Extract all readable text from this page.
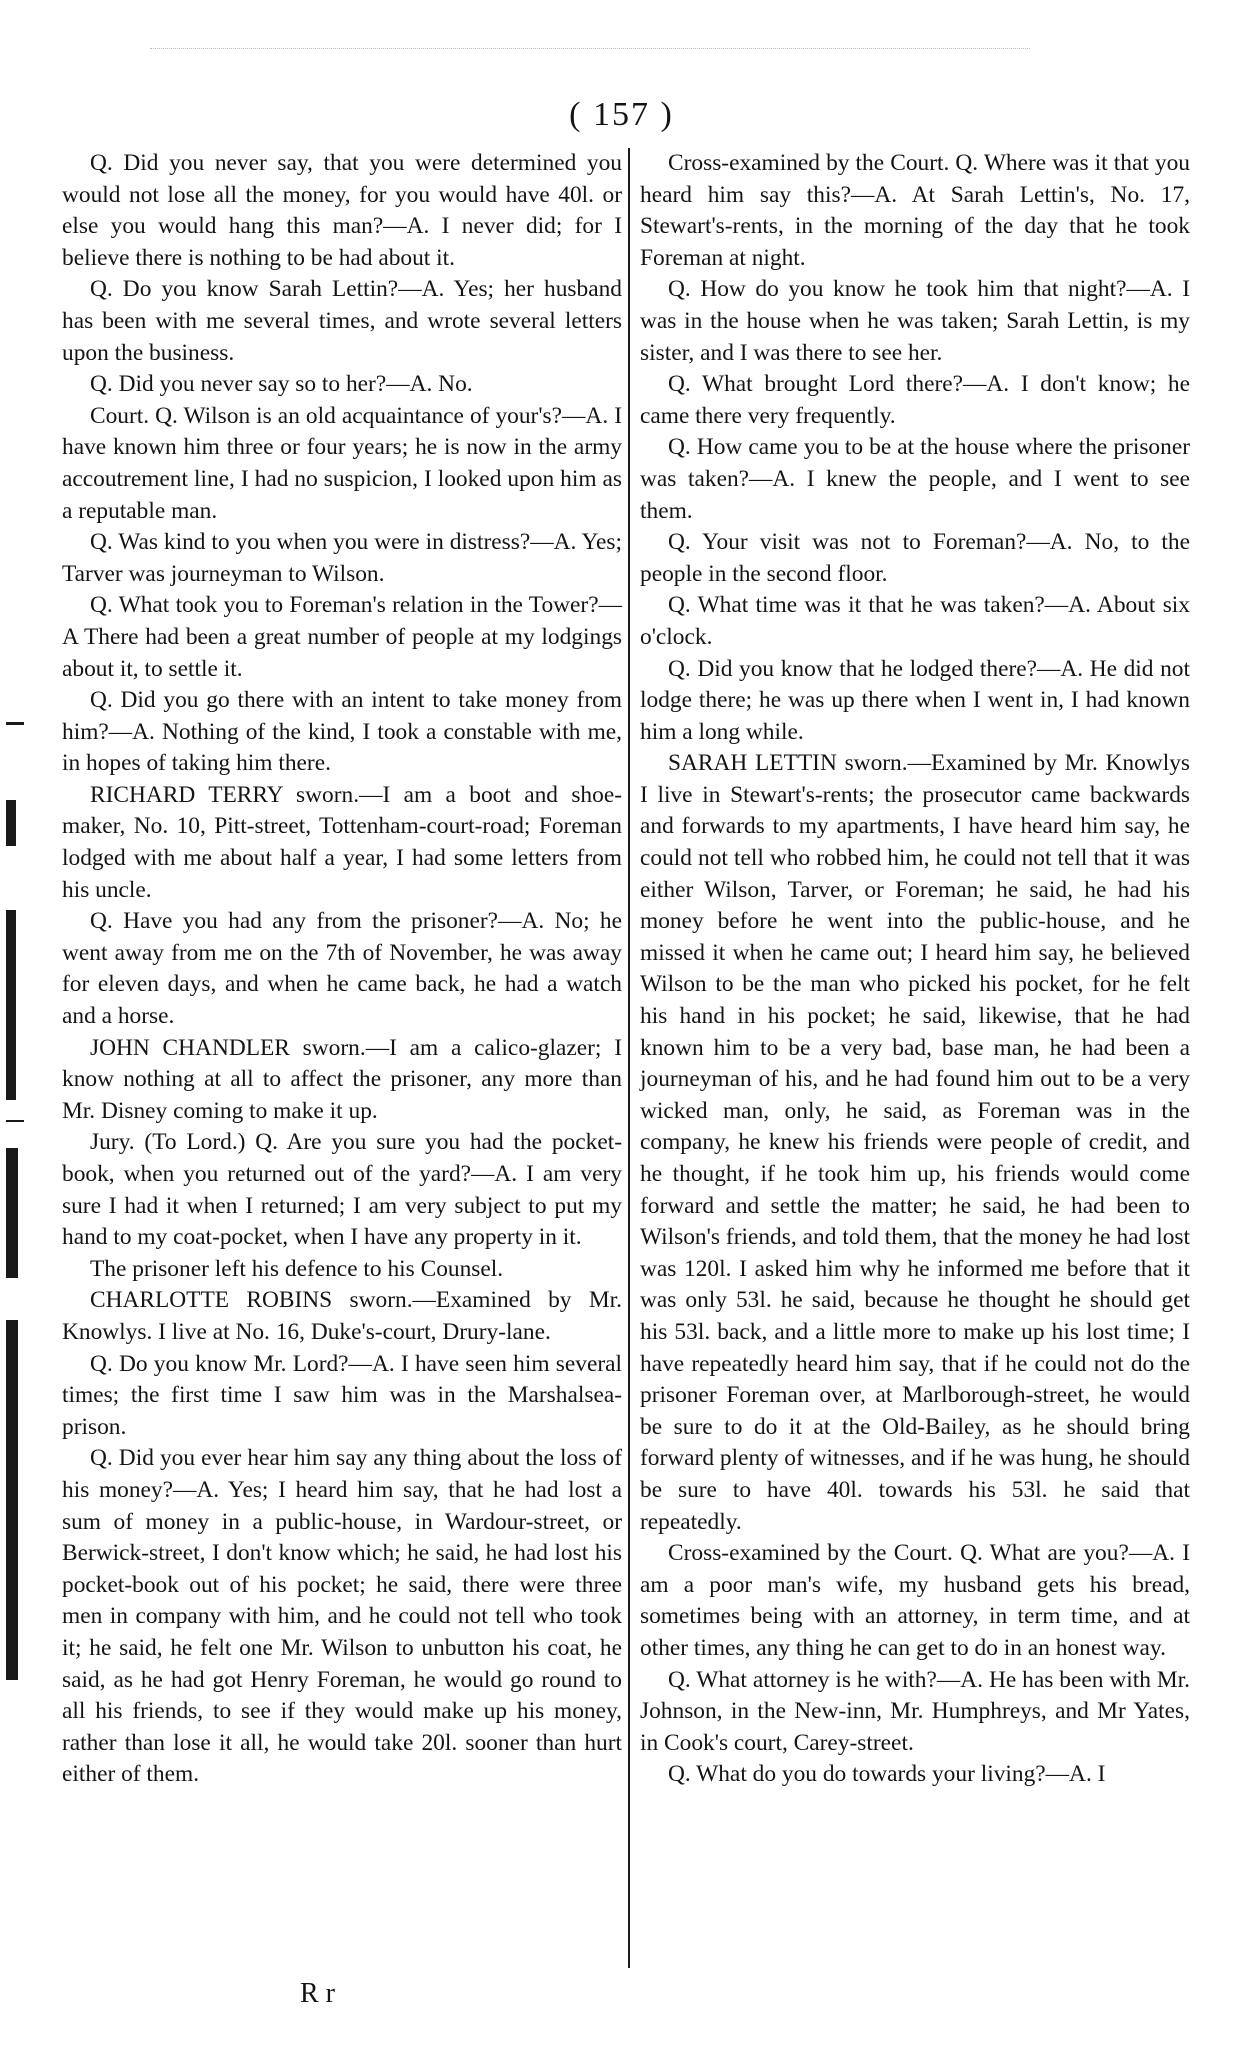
( 157 )

Q. Did you never say, that you were determined you would not lose all the money, for you would have 40l. or else you would hang this man?—A. I never did; for I believe there is nothing to be had about it.

Q. Do you know Sarah Lettin?—A. Yes; her husband has been with me several times, and wrote several letters upon the business.

Q. Did you never say so to her?—A. No.

Court. Q. Wilson is an old acquaintance of your's?—A. I have known him three or four years; he is now in the army accoutrement line, I had no suspicion, I looked upon him as a reputable man.

Q. Was kind to you when you were in distress?—A. Yes; Tarver was journeyman to Wilson.

Q. What took you to Foreman's relation in the Tower?—A There had been a great number of people at my lodgings about it, to settle it.

Q. Did you go there with an intent to take money from him?—A. Nothing of the kind, I took a constable with me, in hopes of taking him there.

RICHARD TERRY sworn.—I am a boot and shoe-maker, No. 10, Pitt-street, Tottenham-court-road; Foreman lodged with me about half a year, I had some letters from his uncle.

Q. Have you had any from the prisoner?—A. No; he went away from me on the 7th of November, he was away for eleven days, and when he came back, he had a watch and a horse.

JOHN CHANDLER sworn.—I am a calico-glazer; I know nothing at all to affect the prisoner, any more than Mr. Disney coming to make it up.

Jury. (To Lord.) Q. Are you sure you had the pocket-book, when you returned out of the yard?—A. I am very sure I had it when I returned; I am very subject to put my hand to my coat-pocket, when I have any property in it.

The prisoner left his defence to his Counsel.

CHARLOTTE ROBINS sworn.—Examined by Mr. Knowlys. I live at No. 16, Duke's-court, Drury-lane.

Q. Do you know Mr. Lord?—A. I have seen him several times; the first time I saw him was in the Marshalsea-prison.

Q. Did you ever hear him say any thing about the loss of his money?—A. Yes; I heard him say, that he had lost a sum of money in a public-house, in Wardour-street, or Berwick-street, I don't know which; he said, he had lost his pocket-book out of his pocket; he said, there were three men in company with him, and he could not tell who took it; he said, he felt one Mr. Wilson to unbutton his coat, he said, as he had got Henry Foreman, he would go round to all his friends, to see if they would make up his money, rather than lose it all, he would take 20l. sooner than hurt either of them.

Cross-examined by the Court. Q. Where was it that you heard him say this?—A. At Sarah Lettin's, No. 17, Stewart's-rents, in the morning of the day that he took Foreman at night.

Q. How do you know he took him that night?—A. I was in the house when he was taken; Sarah Lettin, is my sister, and I was there to see her.

Q. What brought Lord there?—A. I don't know; he came there very frequently.

Q. How came you to be at the house where the prisoner was taken?—A. I knew the people, and I went to see them.

Q. Your visit was not to Foreman?—A. No, to the people in the second floor.

Q. What time was it that he was taken?—A. About six o'clock.

Q. Did you know that he lodged there?—A. He did not lodge there; he was up there when I went in, I had known him a long while.

SARAH LETTIN sworn.—Examined by Mr. Knowlys I live in Stewart's-rents; the prosecutor came backwards and forwards to my apartments, I have heard him say, he could not tell who robbed him, he could not tell that it was either Wilson, Tarver, or Foreman; he said, he had his money before he went into the public-house, and he missed it when he came out; I heard him say, he believed Wilson to be the man who picked his pocket, for he felt his hand in his pocket; he said, likewise, that he had known him to be a very bad, base man, he had been a journeyman of his, and he had found him out to be a very wicked man, only, he said, as Foreman was in the company, he knew his friends were people of credit, and he thought, if he took him up, his friends would come forward and settle the matter; he said, he had been to Wilson's friends, and told them, that the money he had lost was 120l. I asked him why he informed me before that it was only 53l. he said, because he thought he should get his 53l. back, and a little more to make up his lost time; I have repeatedly heard him say, that if he could not do the prisoner Foreman over, at Marlborough-street, he would be sure to do it at the Old-Bailey, as he should bring forward plenty of witnesses, and if he was hung, he should be sure to have 40l. towards his 53l. he said that repeatedly.

Cross-examined by the Court. Q. What are you?—A. I am a poor man's wife, my husband gets his bread, sometimes being with an attorney, in term time, and at other times, any thing he can get to do in an honest way.

Q. What attorney is he with?—A. He has been with Mr. Johnson, in the New-inn, Mr. Humphreys, and Mr Yates, in Cook's court, Carey-street.

Q. What do you do towards your living?—A. I

R r
